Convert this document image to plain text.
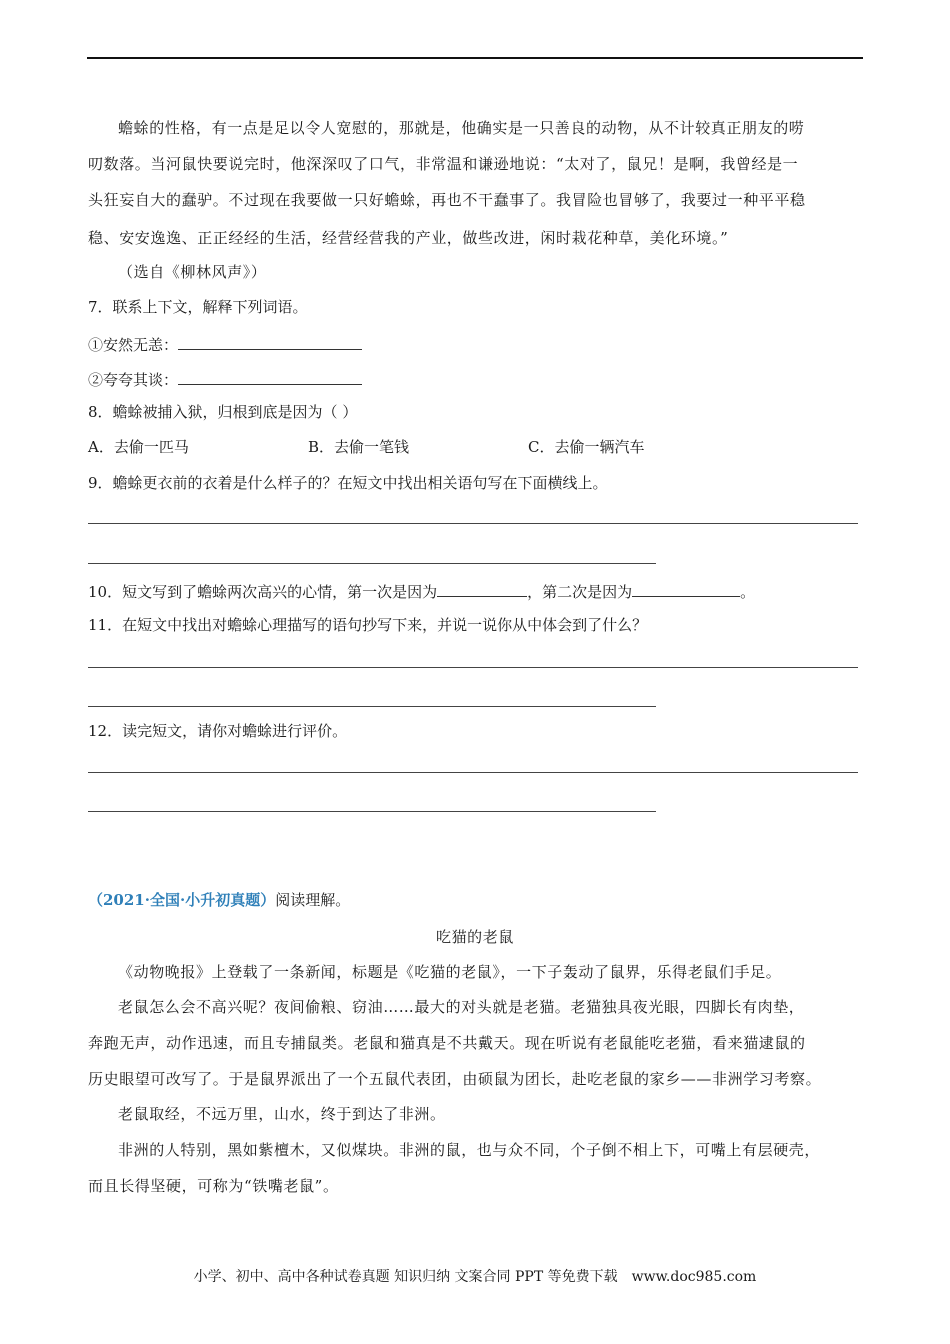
蟾蜍的性格，有一点是足以令人宽慰的，那就是，他确实是一只善良的动物，从不计较真正朋友的唠
叨数落。当河鼠快要说完时，他深深叹了口气，非常温和谦逊地说：“太对了，鼠兄！是啊，我曾经是一
头狂妄自大的蠢驴。不过现在我要做一只好蟾蜍，再也不干蠢事了。我冒险也冒够了，我要过一种平平稳
稳、安安逸逸、正正经经的生活，经营经营我的产业，做些改进，闲时栽花种草，美化环境。”
（选自《柳林风声》）
7．联系上下文，解释下列词语。
①安然无恙：
②夸夸其谈：
8．蟾蜍被捕入狱，归根到底是因为（ ）
A．去偷一匹马	B．去偷一笔钱	C．去偷一辆汽车
9．蟾蜍更衣前的衣着是什么样子的？在短文中找出相关语句写在下面横线上。
10．短文写到了蟾蜍两次高兴的心情，第一次是因为	，第二次是因为	。
11．在短文中找出对蟾蜍心理描写的语句抄写下来，并说一说你从中体会到了什么？
12．读完短文，请你对蟾蜍进行评价。
（2021·全国·小升初真题）阅读理解。
吃猫的老鼠
《动物晚报》上登载了一条新闻，标题是《吃猫的老鼠》，一下子轰动了鼠界，乐得老鼠们手足。
老鼠怎么会不高兴呢？夜间偷粮、窃油……最大的对头就是老猫。老猫独具夜光眼，四脚长有肉垫，
奔跑无声，动作迅速，而且专捕鼠类。老鼠和猫真是不共戴天。现在听说有老鼠能吃老猫，看来猫逮鼠的
历史眼望可改写了。于是鼠界派出了一个五鼠代表团，由硕鼠为团长，赴吃老鼠的家乡——非洲学习考察。
老鼠取经，不远万里，山水，终于到达了非洲。
非洲的人特别，黑如紫檀木，又似煤块。非洲的鼠，也与众不同，个子倒不相上下，可嘴上有层硬壳，
而且长得坚硬，可称为“铁嘴老鼠”。
小学、初中、高中各种试卷真题 知识归纳 文案合同 PPT 等免费下载　www.doc985.com
